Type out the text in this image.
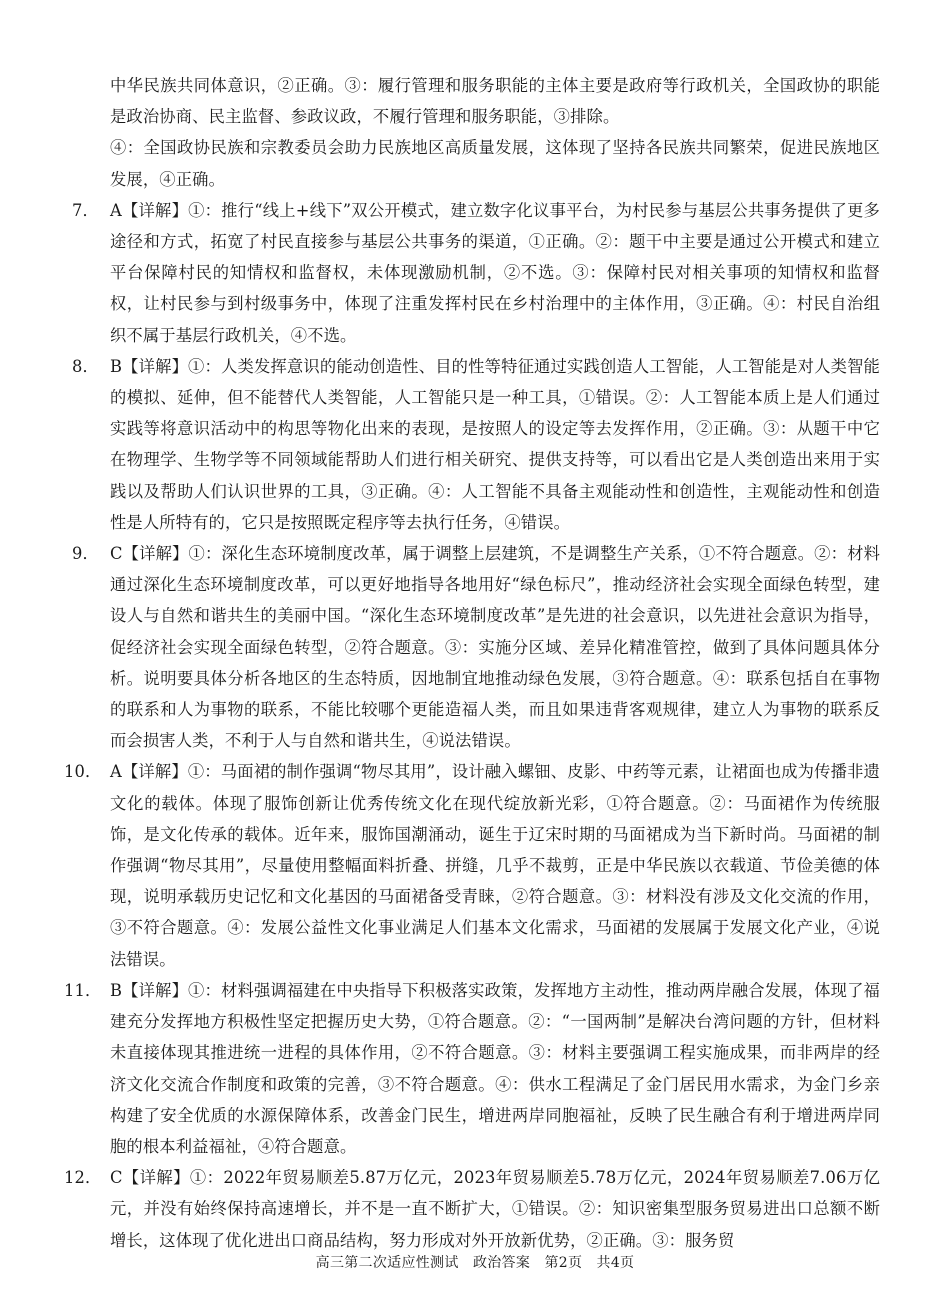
中华民族共同体意识，②正确。③：履行管理和服务职能的主体主要是政府等行政机关，全国政协的职能是政治协商、民主监督、参政议政，不履行管理和服务职能，③排除。

④：全国政协民族和宗教委员会助力民族地区高质量发展，这体现了坚持各民族共同繁荣，促进民族地区发展，④正确。

7． A【详解】①：推行“线上+线下”双公开模式，建立数字化议事平台，为村民参与基层公共事务提供了更多途径和方式，拓宽了村民直接参与基层公共事务的渠道，①正确。②：题干中主要是通过公开模式和建立平台保障村民的知情权和监督权，未体现激励机制，②不选。③：保障村民对相关事项的知情权和监督权，让村民参与到村级事务中，体现了注重发挥村民在乡村治理中的主体作用，③正确。④：村民自治组织不属于基层行政机关，④不选。
8． B【详解】①：人类发挥意识的能动创造性、目的性等特征通过实践创造人工智能，人工智能是对人类智能的模拟、延伸，但不能替代人类智能，人工智能只是一种工具，①错误。②：人工智能本质上是人们通过实践等将意识活动中的构思等物化出来的表现，是按照人的设定等去发挥作用，②正确。③：从题干中它在物理学、生物学等不同领域能帮助人们进行相关研究、提供支持等，可以看出它是人类创造出来用于实践以及帮助人们认识世界的工具，③正确。④：人工智能不具备主观能动性和创造性，主观能动性和创造性是人所特有的，它只是按照既定程序等去执行任务，④错误。
9． C【详解】①：深化生态环境制度改革，属于调整上层建筑，不是调整生产关系，①不符合题意。②：材料通过深化生态环境制度改革，可以更好地指导各地用好“绿色标尺”，推动经济社会实现全面绿色转型，建设人与自然和谐共生的美丽中国。“深化生态环境制度改革”是先进的社会意识，以先进社会意识为指导，促经济社会实现全面绿色转型，②符合题意。③：实施分区域、差异化精准管控，做到了具体问题具体分析。说明要具体分析各地区的生态特质，因地制宜地推动绿色发展，③符合题意。④：联系包括自在事物的联系和人为事物的联系，不能比较哪个更能造福人类，而且如果违背客观规律，建立人为事物的联系反而会损害人类，不利于人与自然和谐共生，④说法错误。
10． A【详解】①：马面裙的制作强调“物尽其用”，设计融入螺钿、皮影、中药等元素，让裙面也成为传播非遗文化的载体。体现了服饰创新让优秀传统文化在现代绽放新光彩，①符合题意。②：马面裙作为传统服饰，是文化传承的载体。近年来，服饰国潮涌动，诞生于辽宋时期的马面裙成为当下新时尚。马面裙的制作强调“物尽其用”，尽量使用整幅面料折叠、拼缝，几乎不裁剪，正是中华民族以衣载道、节俭美德的体现，说明承载历史记忆和文化基因的马面裙备受青睐，②符合题意。③：材料没有涉及文化交流的作用，③不符合题意。④：发展公益性文化事业满足人们基本文化需求，马面裙的发展属于发展文化产业，④说法错误。
11． B【详解】①：材料强调福建在中央指导下积极落实政策，发挥地方主动性，推动两岸融合发展，体现了福建充分发挥地方积极性坚定把握历史大势，①符合题意。②：“一国两制”是解决台湾问题的方针，但材料未直接体现其推进统一进程的具体作用，②不符合题意。③：材料主要强调工程实施成果，而非两岸的经济文化交流合作制度和政策的完善，③不符合题意。④：供水工程满足了金门居民用水需求，为金门乡亲构建了安全优质的水源保障体系，改善金门民生，增进两岸同胞福祉，反映了民生融合有利于增进两岸同胞的根本利益福祉，④符合题意。
12． C【详解】①：2022年贸易顺差5.87万亿元，2023年贸易顺差5.78万亿元，2024年贸易顺差7.06万亿元，并没有始终保持高速增长，并不是一直不断扩大，①错误。②：知识密集型服务贸易进出口总额不断增长，这体现了优化进出口商品结构，努力形成对外开放新优势，②正确。③：服务贸
高三第二次适应性测试　政治答案　第2页　共4页
